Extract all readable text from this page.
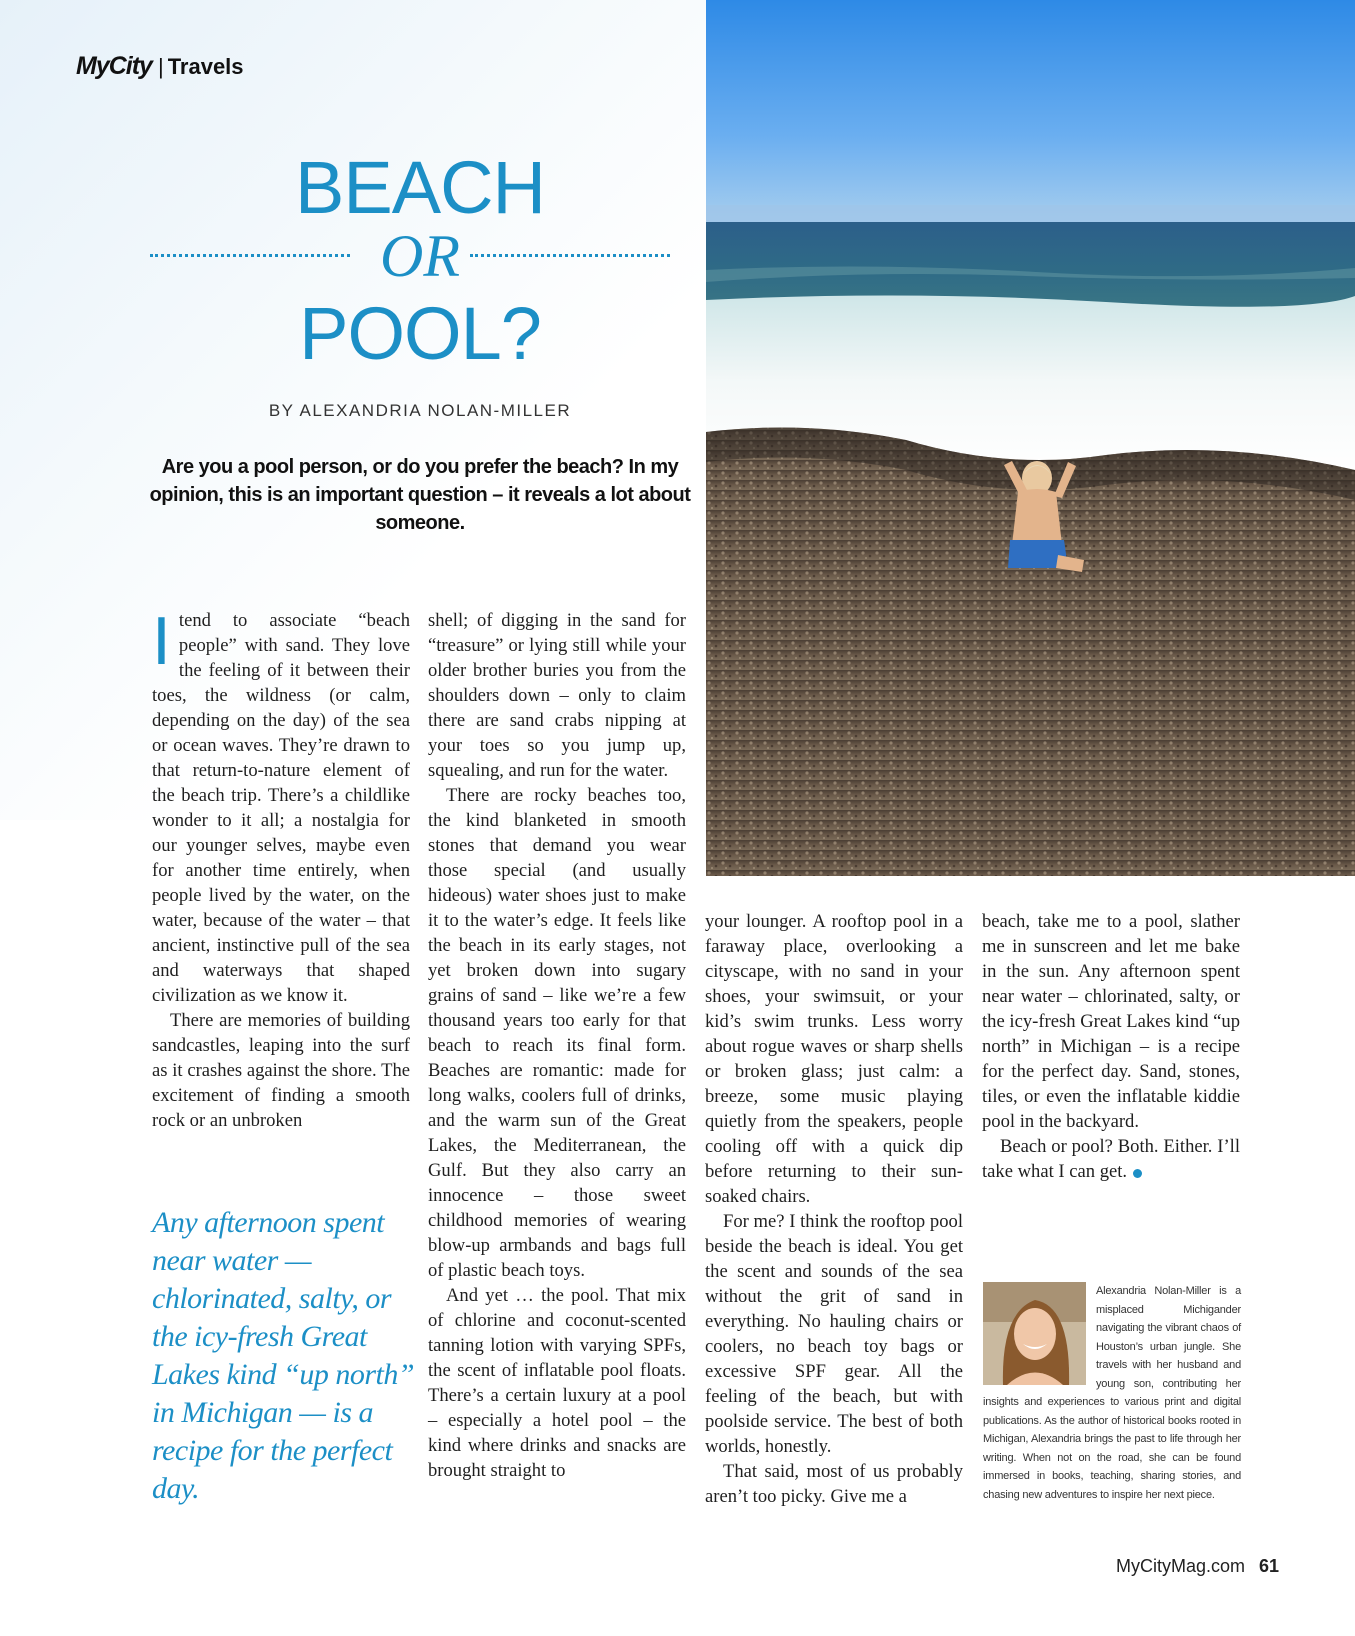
MyCity | Travels
BEACH
OR
POOL?
BY ALEXANDRIA NOLAN-MILLER
Are you a pool person, or do you prefer the beach? In my opinion, this is an important question – it reveals a lot about someone.
I tend to associate “beach people” with sand. They love the feeling of it between their toes, the wildness (or calm, depending on the day) of the sea or ocean waves. They’re drawn to that return-to-nature element of the beach trip. There’s a childlike wonder to it all; a nostalgia for our younger selves, maybe even for another time entirely, when people lived by the water, on the water, because of the water – that ancient, instinctive pull of the sea and waterways that shaped civilization as we know it.

There are memories of building sandcastles, leaping into the surf as it crashes against the shore. The excitement of finding a smooth rock or an unbroken

shell; of digging in the sand for “treasure” or lying still while your older brother buries you from the shoulders down – only to claim there are sand crabs nipping at your toes so you jump up, squealing, and run for the water.

There are rocky beaches too, the kind blanketed in smooth stones that demand you wear those special (and usually hideous) water shoes just to make it to the water’s edge. It feels like the beach in its early stages, not yet broken down into sugary grains of sand – like we’re a few thousand years too early for that beach to reach its final form. Beaches are romantic: made for long walks, coolers full of drinks, and the warm sun of the Great Lakes, the Mediterranean, the Gulf. But they also carry an innocence – those sweet childhood memories of wearing blow-up armbands and bags full of plastic beach toys.

And yet … the pool. That mix of chlorine and coconut-scented tanning lotion with varying SPFs, the scent of inflatable pool floats. There’s a certain luxury at a pool – especially a hotel pool – the kind where drinks and snacks are brought straight to

your lounger. A rooftop pool in a faraway place, overlooking a cityscape, with no sand in your shoes, your swimsuit, or your kid’s swim trunks. Less worry about rogue waves or sharp shells or broken glass; just calm: a breeze, some music playing quietly from the speakers, people cooling off with a quick dip before returning to their sun-soaked chairs.

For me? I think the rooftop pool beside the beach is ideal. You get the scent and sounds of the sea without the grit of sand in everything. No hauling chairs or coolers, no beach toy bags or excessive SPF gear. All the feeling of the beach, but with poolside service. The best of both worlds, honestly.

That said, most of us probably aren’t too picky. Give me a

beach, take me to a pool, slather me in sunscreen and let me bake in the sun. Any afternoon spent near water – chlorinated, salty, or the icy-fresh Great Lakes kind “up north” in Michigan – is a recipe for the perfect day. Sand, stones, tiles, or even the inflatable kiddie pool in the backyard.

Beach or pool? Both. Either. I’ll take what I can get.

Any afternoon spent near water — chlorinated, salty, or the icy-fresh Great Lakes kind “up north” in Michigan — is a recipe for the perfect day.
Alexandria Nolan-Miller is a misplaced Michigander navigating the vibrant chaos of Houston’s urban jungle. She travels with her husband and young son, contributing her insights and experiences to various print and digital publications. As the author of historical books rooted in Michigan, Alexandria brings the past to life through her writing. When not on the road, she can be found immersed in books, teaching, sharing stories, and chasing new adventures to inspire her next piece.
MyCityMag.com 61
